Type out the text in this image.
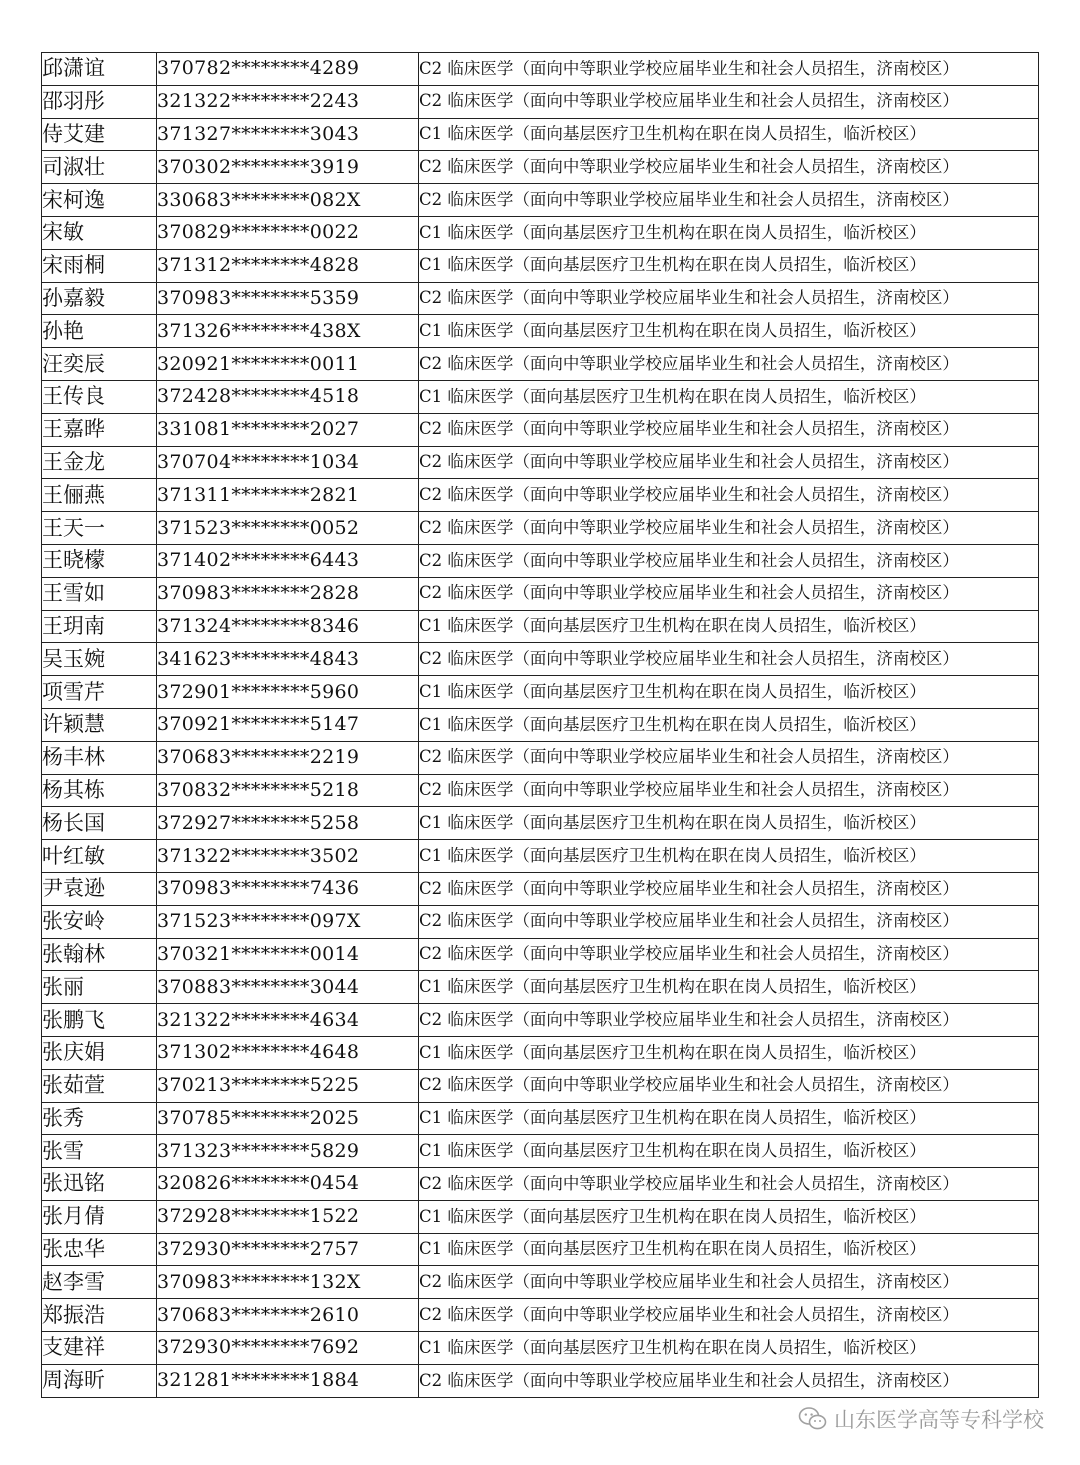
邱潇谊	370782********4289	C2 临床医学（面向中等职业学校应届毕业生和社会人员招生，济南校区）
邵羽彤	321322********2243	C2 临床医学（面向中等职业学校应届毕业生和社会人员招生，济南校区）
侍艾建	371327********3043	C1 临床医学（面向基层医疗卫生机构在职在岗人员招生，临沂校区）
司淑壮	370302********3919	C2 临床医学（面向中等职业学校应届毕业生和社会人员招生，济南校区）
宋柯逸	330683********082X	C2 临床医学（面向中等职业学校应届毕业生和社会人员招生，济南校区）
宋敏	370829********0022	C1 临床医学（面向基层医疗卫生机构在职在岗人员招生，临沂校区）
宋雨桐	371312********4828	C1 临床医学（面向基层医疗卫生机构在职在岗人员招生，临沂校区）
孙嘉毅	370983********5359	C2 临床医学（面向中等职业学校应届毕业生和社会人员招生，济南校区）
孙艳	371326********438X	C1 临床医学（面向基层医疗卫生机构在职在岗人员招生，临沂校区）
汪奕辰	320921********0011	C2 临床医学（面向中等职业学校应届毕业生和社会人员招生，济南校区）
王传良	372428********4518	C1 临床医学（面向基层医疗卫生机构在职在岗人员招生，临沂校区）
王嘉晔	331081********2027	C2 临床医学（面向中等职业学校应届毕业生和社会人员招生，济南校区）
王金龙	370704********1034	C2 临床医学（面向中等职业学校应届毕业生和社会人员招生，济南校区）
王俪燕	371311********2821	C2 临床医学（面向中等职业学校应届毕业生和社会人员招生，济南校区）
王天一	371523********0052	C2 临床医学（面向中等职业学校应届毕业生和社会人员招生，济南校区）
王晓檬	371402********6443	C2 临床医学（面向中等职业学校应届毕业生和社会人员招生，济南校区）
王雪如	370983********2828	C2 临床医学（面向中等职业学校应届毕业生和社会人员招生，济南校区）
王玥南	371324********8346	C1 临床医学（面向基层医疗卫生机构在职在岗人员招生，临沂校区）
吴玉婉	341623********4843	C2 临床医学（面向中等职业学校应届毕业生和社会人员招生，济南校区）
项雪芹	372901********5960	C1 临床医学（面向基层医疗卫生机构在职在岗人员招生，临沂校区）
许颖慧	370921********5147	C1 临床医学（面向基层医疗卫生机构在职在岗人员招生，临沂校区）
杨丰林	370683********2219	C2 临床医学（面向中等职业学校应届毕业生和社会人员招生，济南校区）
杨其栋	370832********5218	C2 临床医学（面向中等职业学校应届毕业生和社会人员招生，济南校区）
杨长国	372927********5258	C1 临床医学（面向基层医疗卫生机构在职在岗人员招生，临沂校区）
叶红敏	371322********3502	C1 临床医学（面向基层医疗卫生机构在职在岗人员招生，临沂校区）
尹袁逊	370983********7436	C2 临床医学（面向中等职业学校应届毕业生和社会人员招生，济南校区）
张安岭	371523********097X	C2 临床医学（面向中等职业学校应届毕业生和社会人员招生，济南校区）
张翰林	370321********0014	C2 临床医学（面向中等职业学校应届毕业生和社会人员招生，济南校区）
张丽	370883********3044	C1 临床医学（面向基层医疗卫生机构在职在岗人员招生，临沂校区）
张鹏飞	321322********4634	C2 临床医学（面向中等职业学校应届毕业生和社会人员招生，济南校区）
张庆娟	371302********4648	C1 临床医学（面向基层医疗卫生机构在职在岗人员招生，临沂校区）
张茹萱	370213********5225	C2 临床医学（面向中等职业学校应届毕业生和社会人员招生，济南校区）
张秀	370785********2025	C1 临床医学（面向基层医疗卫生机构在职在岗人员招生，临沂校区）
张雪	371323********5829	C1 临床医学（面向基层医疗卫生机构在职在岗人员招生，临沂校区）
张迅铭	320826********0454	C2 临床医学（面向中等职业学校应届毕业生和社会人员招生，济南校区）
张月倩	372928********1522	C1 临床医学（面向基层医疗卫生机构在职在岗人员招生，临沂校区）
张忠华	372930********2757	C1 临床医学（面向基层医疗卫生机构在职在岗人员招生，临沂校区）
赵李雪	370983********132X	C2 临床医学（面向中等职业学校应届毕业生和社会人员招生，济南校区）
郑振浩	370683********2610	C2 临床医学（面向中等职业学校应届毕业生和社会人员招生，济南校区）
支建祥	372930********7692	C1 临床医学（面向基层医疗卫生机构在职在岗人员招生，临沂校区）
周海昕	321281********1884	C2 临床医学（面向中等职业学校应届毕业生和社会人员招生，济南校区）
山东医学高等专科学校
